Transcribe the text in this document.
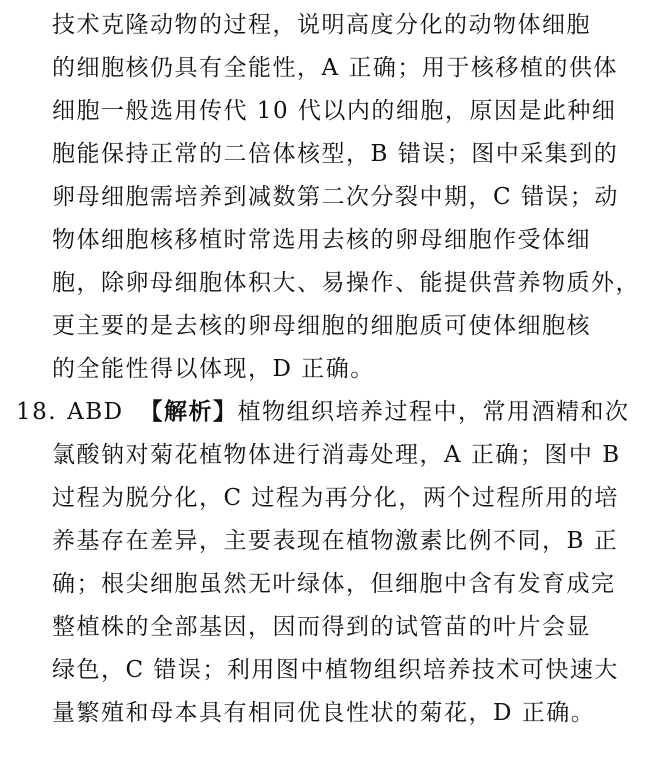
技术克隆动物的过程，说明高度分化的动物体细胞
的细胞核仍具有全能性，A 正确；用于核移植的供体
细胞一般选用传代 10 代以内的细胞，原因是此种细
胞能保持正常的二倍体核型，B 错误；图中采集到的
卵母细胞需培养到减数第二次分裂中期，C 错误；动
物体细胞核移植时常选用去核的卵母细胞作受体细
胞，除卵母细胞体积大、易操作、能提供营养物质外，
更主要的是去核的卵母细胞的细胞质可使体细胞核
的全能性得以体现，D 正确。
18. ABD 【解析】植物组织培养过程中，常用酒精和次
氯酸钠对菊花植物体进行消毒处理，A 正确；图中 B
过程为脱分化，C 过程为再分化，两个过程所用的培
养基存在差异，主要表现在植物激素比例不同，B 正
确；根尖细胞虽然无叶绿体，但细胞中含有发育成完
整植株的全部基因，因而得到的试管苗的叶片会显
绿色，C 错误；利用图中植物组织培养技术可快速大
量繁殖和母本具有相同优良性状的菊花，D 正确。
